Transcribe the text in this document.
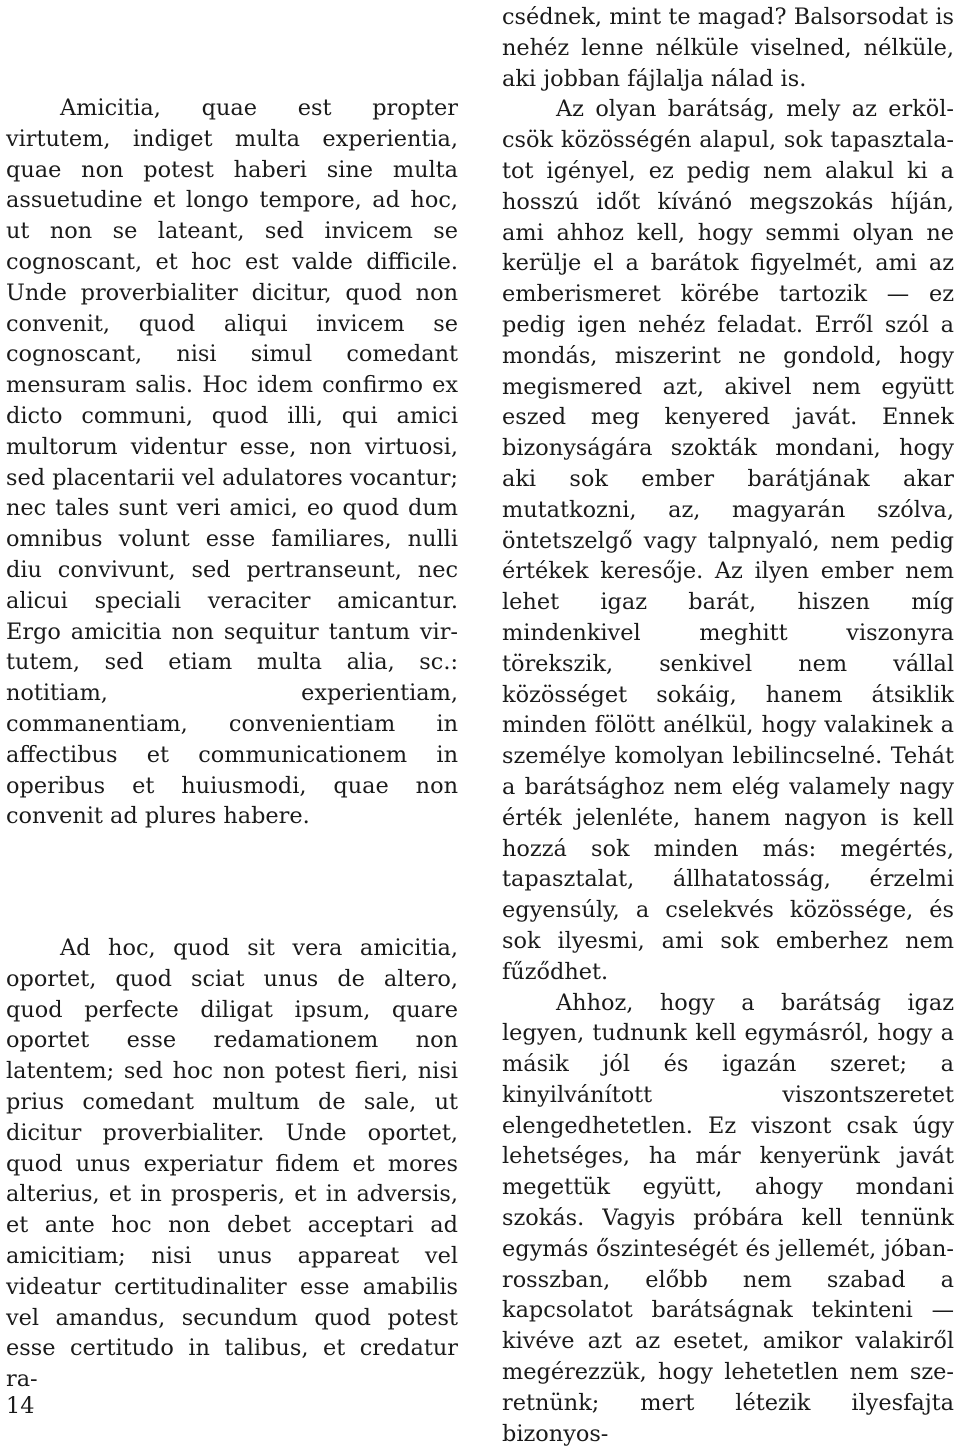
Amicitia, quae est propter virtutem, indiget multa experientia, quae non potest haberi sine multa assuetudine et longo tempore, ad hoc, ut non se lateant, sed invicem se cognoscant, et hoc est valde difficile. Unde proverbialiter dicitur, quod non convenit, quod aliqui invicem se cognoscant, nisi simul comedant mensuram salis. Hoc idem confirmo ex dicto communi, quod illi, qui amici multorum videntur esse, non virtuosi, sed placentarii vel adulatores vocantur; nec tales sunt veri amici, eo quod dum omnibus volunt esse familiares, nulli diu convivunt, sed pertranseunt, nec alicui speciali veraciter amicantur. Ergo amicitia non sequitur tantum virtutem, sed etiam multa alia, sc.: notitiam, experientiam, commanentiam, convenientiam in affectibus et communicationem in operibus et huiusmodi, quae non convenit ad plures habere.

Ad hoc, quod sit vera amicitia, oportet, quod sciat unus de altero, quod perfecte diligat ipsum, quare oportet esse redamationem non latentem; sed hoc non potest fieri, nisi prius comedant multum de sale, ut dicitur proverbialiter. Unde oportet, quod unus experiatur fidem et mores alterius, et in prosperis, et in adversis, et ante hoc non debet acceptari ad amicitiam; nisi unus appareat vel videatur certitudinaliter esse amabilis vel amandus, secundum quod potest esse certitudo in talibus, et credatur ra-

csédnek, mint te magad? Balsorsodat is nehéz lenne nélküle viselned, nélküle, aki jobban fájlalja nálad is.

Az olyan barátság, mely az erkölcsök közösségén alapul, sok tapasztalatot igényel, ez pedig nem alakul ki a hosszú időt kívánó megszokás híján, ami ahhoz kell, hogy semmi olyan ne kerülje el a barátok figyelmét, ami az emberismeret körébe tartozik — ez pedig igen nehéz feladat. Erről szól a mondás, miszerint ne gondold, hogy megismered azt, akivel nem együtt eszed meg kenyered javát. Ennek bizonyságára szokták mondani, hogy aki sok ember barátjának akar mutatkozni, az, magyarán szólva, öntetszelgő vagy talpnyaló, nem pedig értékek keresője. Az ilyen ember nem lehet igaz barát, hiszen míg mindenkivel meghitt viszonyra törekszik, senkivel nem vállal közösséget sokáig, hanem átsiklik minden fölött anélkül, hogy valakinek a személye komolyan lebilincselné. Tehát a barátsághoz nem elég valamely nagy érték jelenléte, hanem nagyon is kell hozzá sok minden más: megértés, tapasztalat, állhatatosság, érzelmi egyensúly, a cselekvés közössége, és sok ilyesmi, ami sok emberhez nem fűződhet.

Ahhoz, hogy a barátság igaz legyen, tudnunk kell egymásról, hogy a másik jól és igazán szeret; a kinyilvánított viszontszeretet elengedhetetlen. Ez viszont csak úgy lehetséges, ha már kenyerünk javát megettük együtt, ahogy mondani szokás. Vagyis próbára kell tennünk egymás őszinteségét és jellemét, jóban-rosszban, előbb nem szabad a kapcsolatot barátságnak tekinteni — kivéve azt az esetet, amikor valakiről megérezzük, hogy lehetetlen nem szeretnünk; mert létezik ilyesfajta bizonyos-

14
